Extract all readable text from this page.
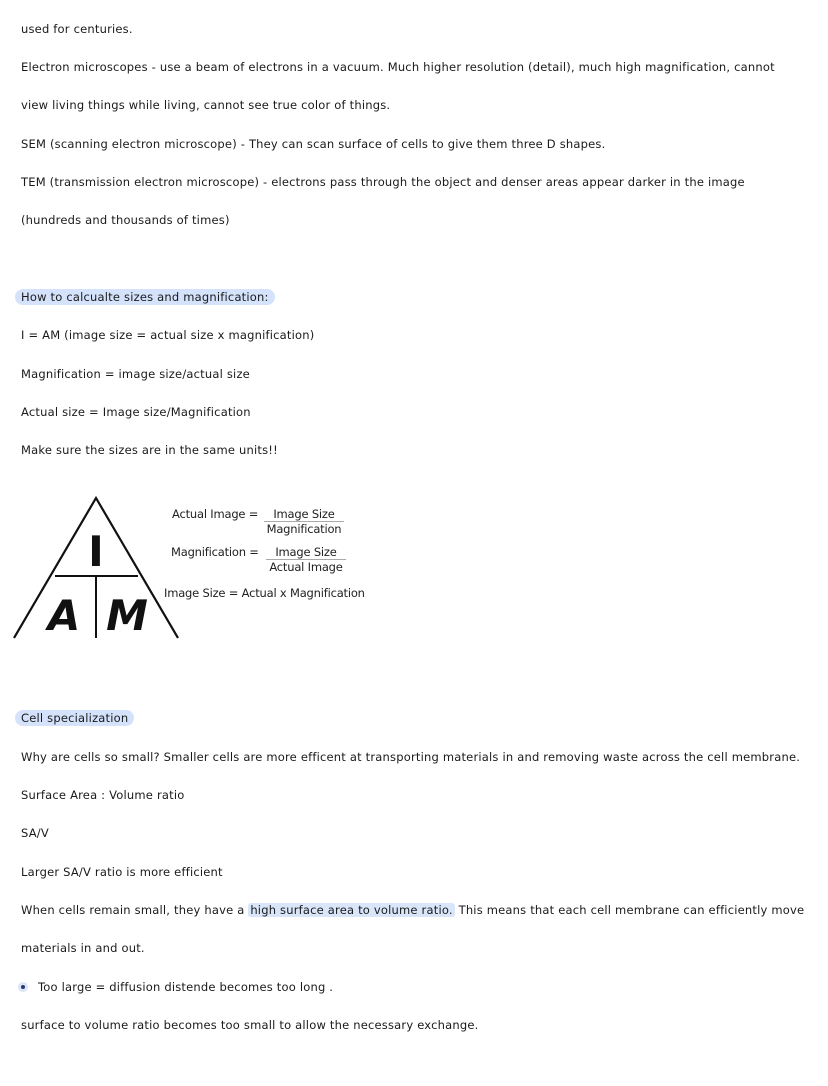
used for centuries.
Electron microscopes - use a beam of electrons in a vacuum. Much higher resolution (detail), much high magnification, cannot
view living things while living, cannot see true color of things.
SEM (scanning electron microscope) - They can scan surface of cells to give them three D shapes.
TEM (transmission electron microscope) - electrons pass through the object and denser areas appear darker in the image
(hundreds and thousands of times)
How to calcualte sizes and magnification:
I = AM (image size = actual size x magnification)
Magnification = image size/actual size
Actual size = Image size/Magnification
Make sure the sizes are in the same units!!
I
A M
Actual Image =	Image Size
Magnification
Magnification =	Image Size
Actual Image
Image Size = Actual x Magnification
Cell specialization
Why are cells so small? Smaller cells are more efficent at transporting materials in and removing waste across the cell membrane.
Surface Area : Volume ratio
SA/V
Larger SA/V ratio is more efficient
When cells remain small, they have a high surface area to volume ratio. This means that each cell membrane can efficiently move
materials in and out.
Too large = diffusion distende becomes too long .
surface to volume ratio becomes too small to allow the necessary exchange.
